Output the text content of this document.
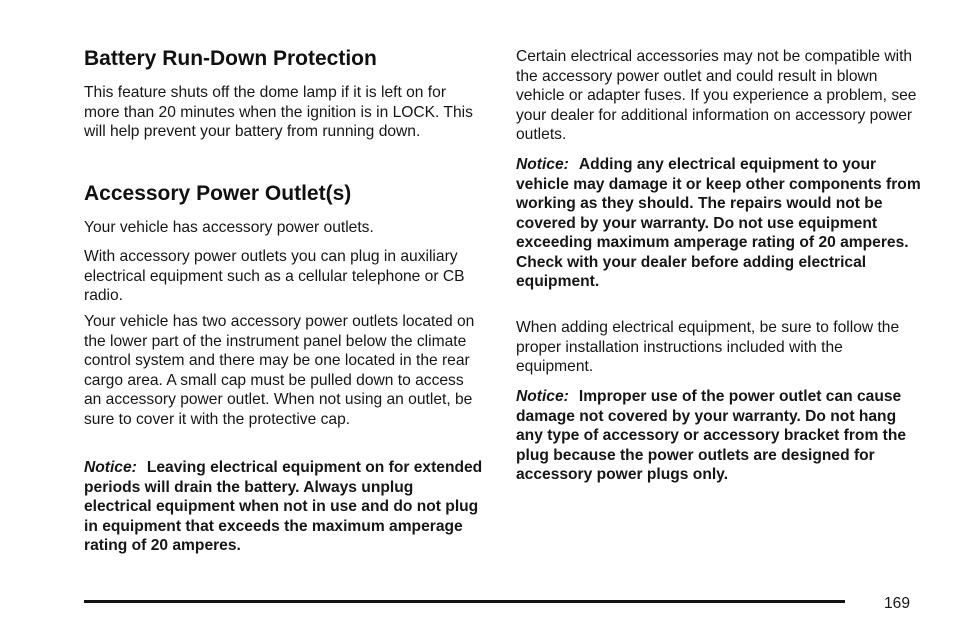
Battery Run-Down Protection

This feature shuts off the dome lamp if it is left on for more than 20 minutes when the ignition is in LOCK. This will help prevent your battery from running down.

Accessory Power Outlet(s)

Your vehicle has accessory power outlets.

With accessory power outlets you can plug in auxiliary electrical equipment such as a cellular telephone or CB radio.

Your vehicle has two accessory power outlets located on the lower part of the instrument panel below the climate control system and there may be one located in the rear cargo area. A small cap must be pulled down to access an accessory power outlet. When not using an outlet, be sure to cover it with the protective cap.

Notice: Leaving electrical equipment on for extended periods will drain the battery. Always unplug electrical equipment when not in use and do not plug in equipment that exceeds the maximum amperage rating of 20 amperes.

Certain electrical accessories may not be compatible with the accessory power outlet and could result in blown vehicle or adapter fuses. If you experience a problem, see your dealer for additional information on accessory power outlets.

Notice: Adding any electrical equipment to your vehicle may damage it or keep other components from working as they should. The repairs would not be covered by your warranty. Do not use equipment exceeding maximum amperage rating of 20 amperes. Check with your dealer before adding electrical equipment.

When adding electrical equipment, be sure to follow the proper installation instructions included with the equipment.

Notice: Improper use of the power outlet can cause damage not covered by your warranty. Do not hang any type of accessory or accessory bracket from the plug because the power outlets are designed for accessory power plugs only.

169
